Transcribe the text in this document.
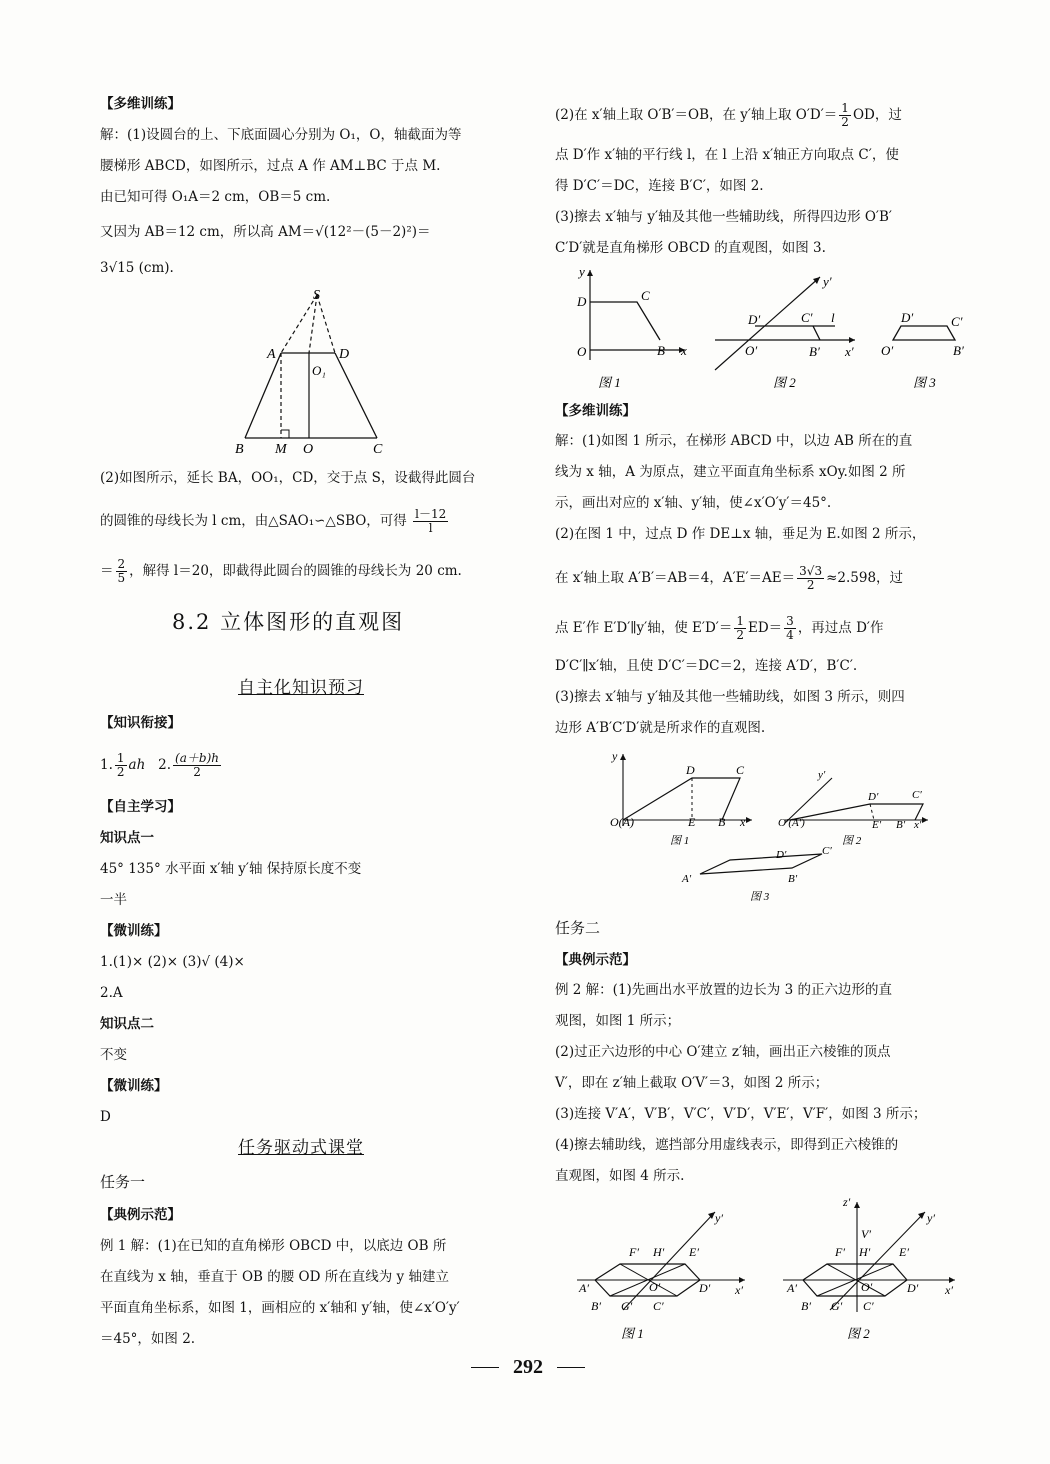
【多维训练】
解：(1)设圆台的上、下底面圆心分别为 O₁，O，轴截面为等
腰梯形 ABCD，如图所示，过点 A 作 AM⊥BC 于点 M.
由已知可得 O₁A＝2 cm，OB＝5 cm.
又因为 AB＝12 cm，所以高 AM＝√(12²－(5－2)²)＝
3√15 (cm).
S
A	D
O₁
B M O	C
(2)如图所示，延长 BA，OO₁，CD，交于点 S，设截得此圆台
的圆锥的母线长为 l cm，由△SAO₁∽△SBO，可得 $\frac{l-12}{l}$
＝ $\frac{2}{5}$ ，解得 l＝20，即截得此圆台的圆锥的母线长为 20 cm.
8.2 立体图形的直观图
自主化知识预习
【知识衔接】
1. $\frac{1}{2}$ ah 2. $\frac{(a+b)h}{2}$
【自主学习】
知识点一
45° 135° 水平面 x′轴 y′轴 保持原长度不变
一半
【微训练】
1.(1)× (2)× (3)√ (4)×
2.A
知识点二
不变
【微训练】
D
任务驱动式课堂
任务一
【典例示范】
例 1 解：(1)在已知的直角梯形 OBCD 中，以底边 OB 所
在直线为 x 轴，垂直于 OB 的腰 OD 所在直线为 y 轴建立
平面直角坐标系，如图 1，画相应的 x′轴和 y′轴，使∠x′O′y′
＝45°，如图 2.
(2)在 x′轴上取 O′B′＝OB，在 y′轴上取 $O'D'= \frac{1}{2}$ OD，过
点 D′作 x′轴的平行线 l，在 l 上沿 x′轴正方向取点 C′，使
得 D′C′＝DC，连接 B′C′，如图 2.
(3)擦去 x′轴与 y′轴及其他一些辅助线，所得四边形 O′B′
C′D′就是直角梯形 OBCD 的直观图，如图 3.
y
D	C
O	B x
图 1
y′
D′	C′ l
O′	B′ x′
图 2
D′	C′
O′	B′
图 3
【多维训练】
解：(1)如图 1 所示，在梯形 ABCD 中，以边 AB 所在的直
线为 x 轴，A 为原点，建立平面直角坐标系 xOy.如图 2 所
示，画出对应的 x′轴、y′轴，使∠x′O′y′＝45°.
(2)在图 1 中，过点 D 作 DE⊥x 轴，垂足为 E.如图 2 所示，
在 x′轴上取 A′B′＝AB＝4，$A'E'=AE= \frac{3√3}{2} \approx 2.598$，过
点 E′作 E′D′∥y′轴，使 $E'D'= \frac{1}{2} ED= \frac{3}{4}$ ，再过点 D′作
D′C′∥x′轴，且使 D′C′＝DC＝2，连接 A′D′，B′C′.
(3)擦去 x′轴与 y′轴及其他一些辅助线，如图 3 所示，则四
边形 A′B′C′D′就是所求作的直观图.
y
D	C
O(A)	E B x
图 1
y′
D′	C′
O′(A′)	E′ B′ x′
图 2
D′	C′
A′	B′
图 3
任务二
【典例示范】
例 2 解：(1)先画出水平放置的边长为 3 的正六边形的直
观图，如图 1 所示；
(2)过正六边形的中心 O′建立 z′轴，画出正六棱锥的顶点
V′，即在 z′轴上截取 O′V′＝3，如图 2 所示；
(3)连接 V′A′，V′B′，V′C′，V′D′，V′E′，V′F′，如图 3 所示；
(4)擦去辅助线，遮挡部分用虚线表示，即得到正六棱锥的
直观图，如图 4 所示.
y′
F′ H′ E′
A′	O′	D′ x′
B′ G′ C′
图 1
z′
V′
y′
F′ H′ E′
A′	O′	D′ x′
B′ G′ C′
图 2
292
